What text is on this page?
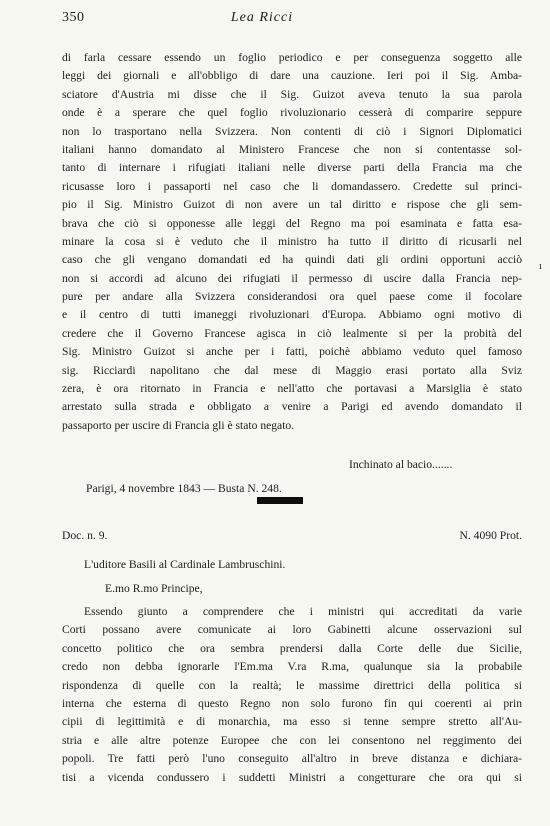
350	Lea Ricci
di farla cessare essendo un foglio periodico e per conseguenza soggetto alle
leggi dei giornali e all'obbligo di dare una cauzione. Ieri poi il Sig. Amba-
sciatore d'Austria mi disse che il Sig. Guizot aveva tenuto la sua parola
onde è a sperare che quel foglio rivoluzionario cesserà di comparire seppure
non lo trasportano nella Svizzera. Non contenti di ciò i Signori Diplomatici
italiani hanno domandato al Ministero Francese che non si contentasse sol-
tanto di internare i rifugiati italiani nelle diverse parti della Francia ma che
ricusasse loro i passaporti nel caso che li domandassero. Credette sul princi-
pio il Sig. Ministro Guizot di non avere un tal diritto e rispose che gli sem-
brava che ciò si opponesse alle leggi del Regno ma poi esaminata e fatta esa-
minare la cosa si è veduto che il ministro ha tutto il diritto di ricusarli nel
caso che gli vengano domandati ed ha quindi dati gli ordini opportuni acciò
non si accordi ad alcuno dei rifugiati il permesso di uscire dalla Francia nep-
pure per andare alla Svizzera considerandosi ora quel paese come il focolare
e il centro di tutti imaneggi rivoluzionari d'Europa. Abbiamo ogni motivo di
credere che il Governo Francese agisca in ciò lealmente si per la probità del
Sig. Ministro Guizot si anche per i fatti, poichè abbiamo veduto quel famoso
sig. Ricciardi napolitano che dal mese di Maggio erasi portato alla Sviz
zera, è ora ritornato in Francia e nell'atto che portavasi a Marsiglia è stato
arrestato sulla strada e obbligato a venire a Parigi ed avendo domandato il
passaporto per uscire di Francia gli è stato negato.
ı
Inchinato al bacio.......
Parigi, 4 novembre 1843 — Busta N. 248.
Doc. n. 9.	N. 4090 Prot.
L'uditore Basili al Cardinale Lambruschini.
E.mo R.mo Principe,
Essendo giunto a comprendere che i ministri qui accreditati da varie
Corti possano avere comunicate ai loro Gabinetti alcune osservazioni sul
concetto politico che ora sembra prendersi dalla Corte delle due Sicilie,
credo non debba ignorarle l'Em.ma V.ra R.ma, qualunque sia la probabile
rispondenza di quelle con la realtà; le massime direttrici della politica si
interna che esterna di questo Regno non solo furono fin qui coerenti ai prin
cipii di legittimità e di monarchia, ma esso si tenne sempre stretto all'Au-
stria e alle altre potenze Europee che con lei consentono nel reggimento dei
popoli. Tre fatti però l'uno conseguito all'altro in breve distanza e dichiara-
tisi a vicenda condussero i suddetti Ministri a congetturare che ora qui si
